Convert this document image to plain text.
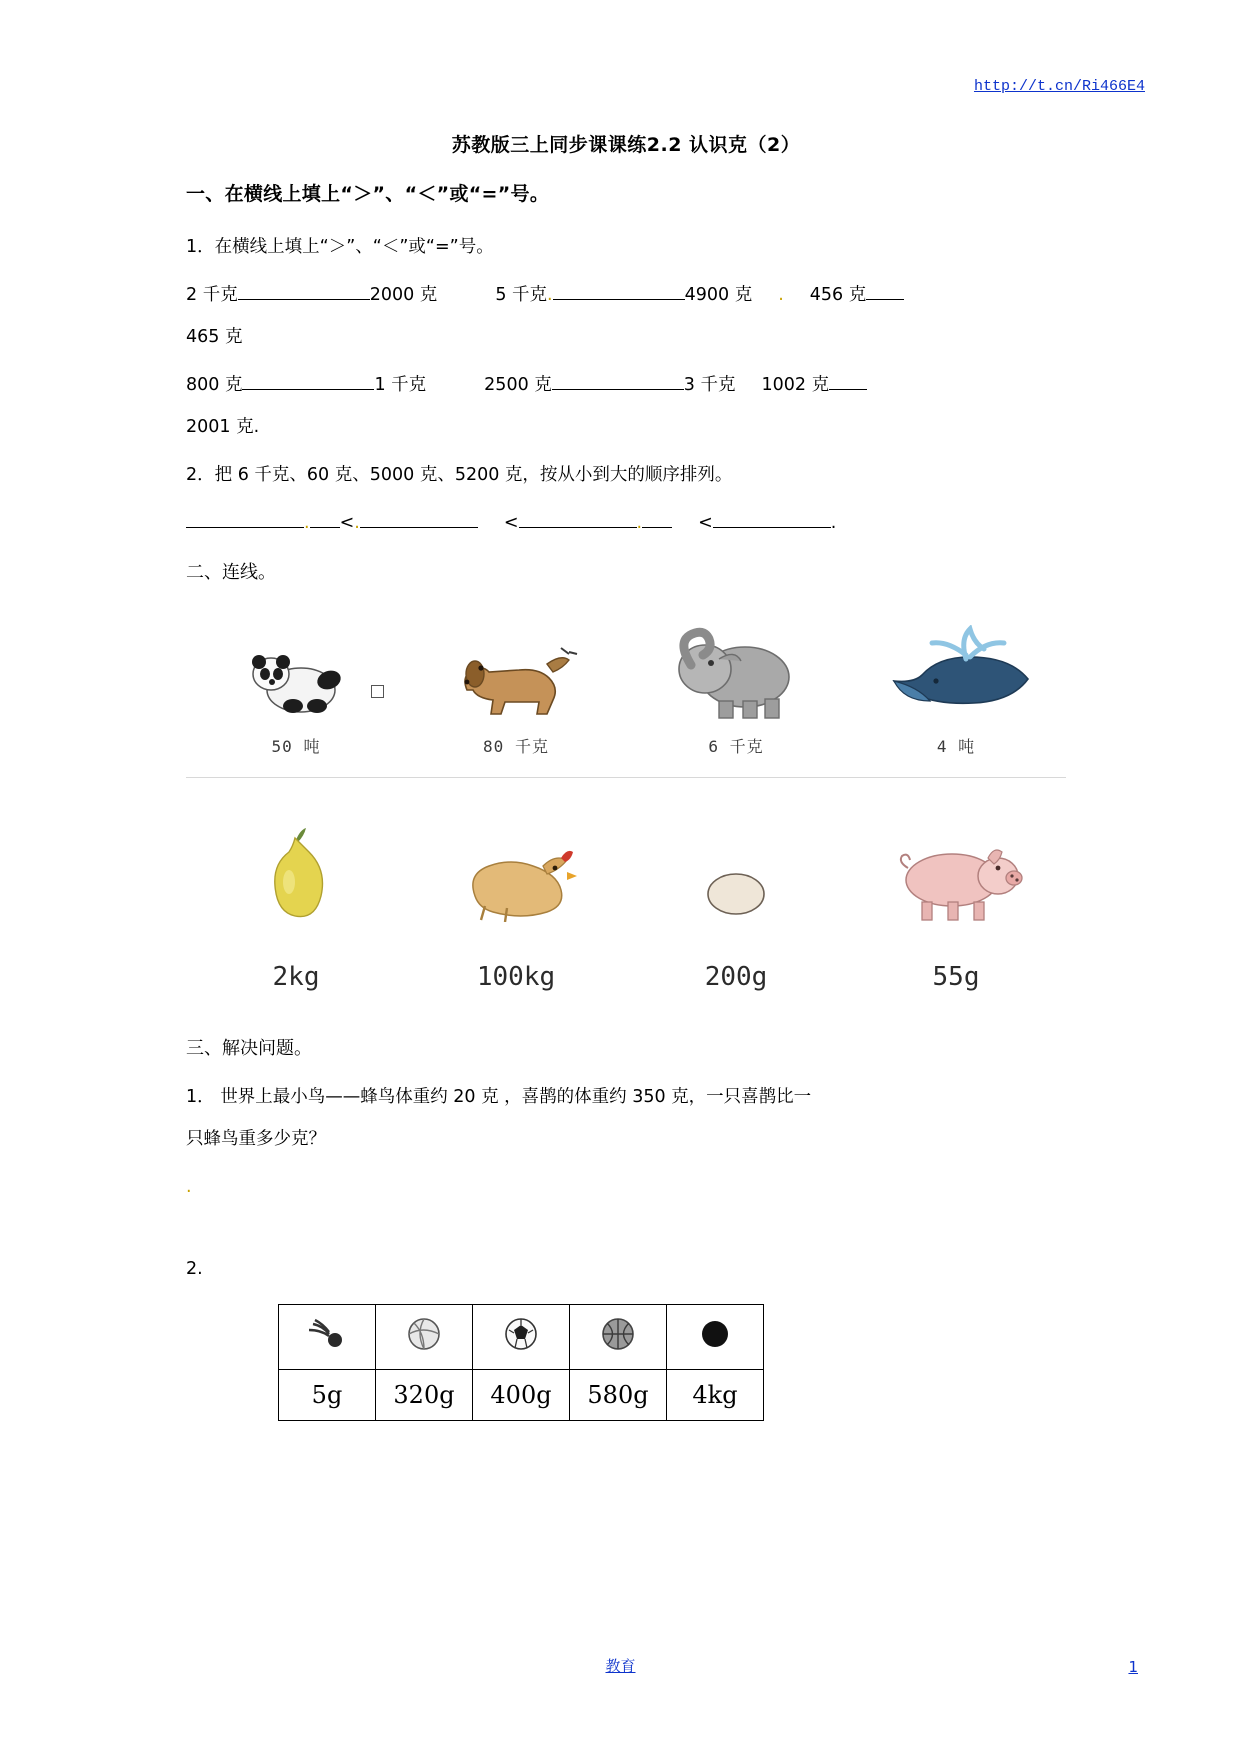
http://t.cn/Ri466E4
苏教版三上同步课课练2.2 认识克（2）
一、在横线上填上“＞”、“＜”或“=”号。
1．在横线上填上“＞”、“＜”或“=”号。
2 千克	2000 克	5 千克.	4900 克 . 456 克
465 克
800 克	1 千克	2500 克	3 千克 1002 克
2001 克.
2．把 6 千克、60 克、5000 克、5200 克，按从小到大的顺序排列。
. <.	<	.	<	.
二、连线。
50 吨	80 千克	6 千克	4 吨
2kg	100kg	200g	55g
三、解决问题。
1． 世界上最小鸟——蜂鸟体重约 20 克 ，喜鹊的体重约 350 克，一只喜鹊比一
只蜂鸟重多少克？
.
2.

5g	320g	400g	580g	4kg
教育	1
